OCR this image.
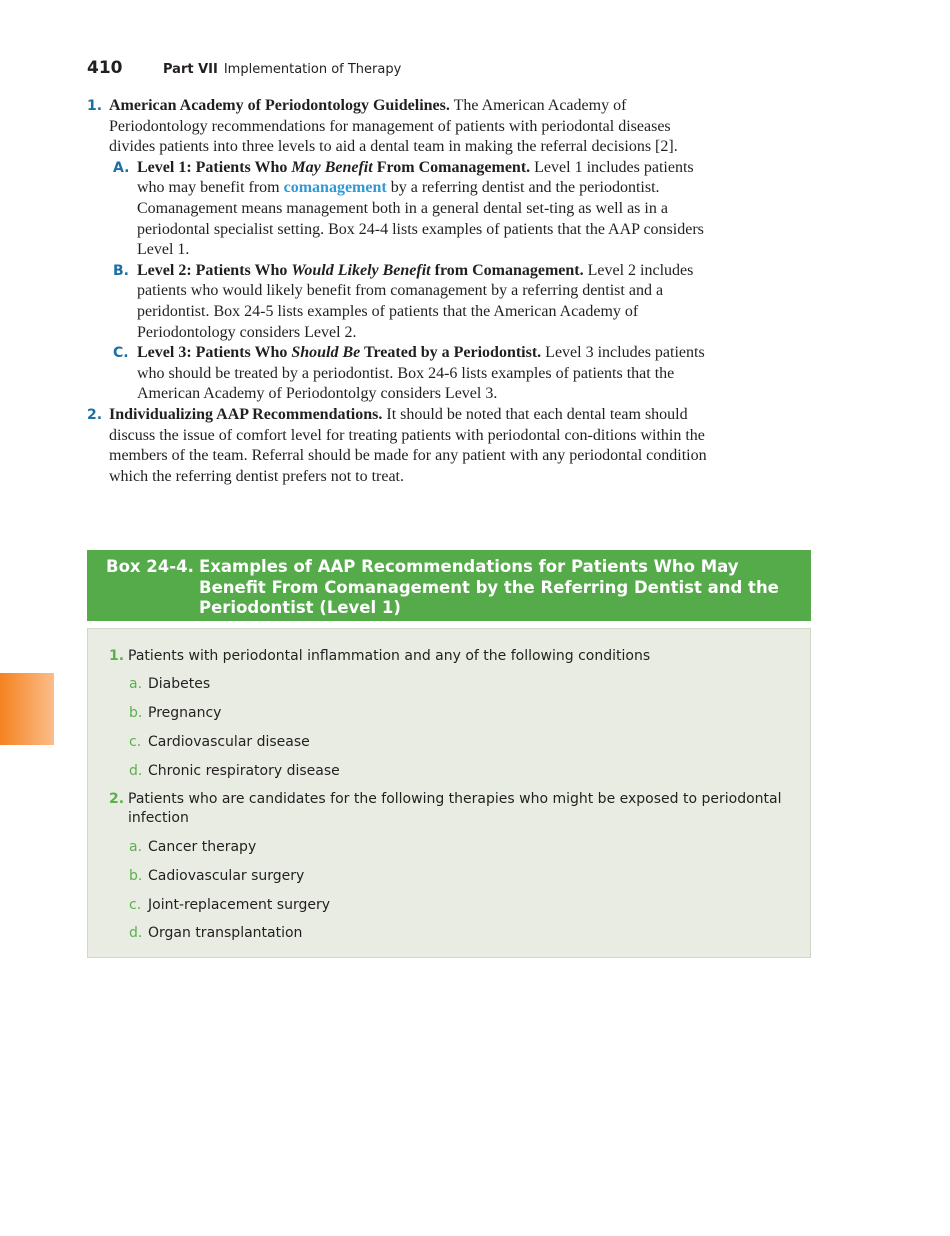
410	Part VII Implementation of Therapy
1. American Academy of Periodontology Guidelines. The American Academy of Periodontology recommendations for management of patients with periodontal diseases divides patients into three levels to aid a dental team in making the referral decisions [2].
A. Level 1: Patients Who May Benefit From Comanagement. Level 1 includes patients who may benefit from comanagement by a referring dentist and the periodontist. Comanagement means management both in a general dental set-ting as well as in a periodontal specialist setting. Box 24-4 lists examples of patients that the AAP considers Level 1.
B. Level 2: Patients Who Would Likely Benefit from Comanagement. Level 2 includes patients who would likely benefit from comanagement by a referring dentist and a peridontist. Box 24-5 lists examples of patients that the American Academy of Periodontology considers Level 2.
C. Level 3: Patients Who Should Be Treated by a Periodontist. Level 3 includes patients who should be treated by a periodontist. Box 24-6 lists examples of patients that the American Academy of Periodontolgy considers Level 3.
2. Individualizing AAP Recommendations. It should be noted that each dental team should discuss the issue of comfort level for treating patients with periodontal con-ditions within the members of the team. Referral should be made for any patient with any periodontal condition which the referring dentist prefers not to treat.
Box 24-4. Examples of AAP Recommendations for Patients Who May Benefit From Comanagement by the Referring Dentist and the Periodontist (Level 1)
1. Patients with periodontal inflammation and any of the following conditions
a. Diabetes
b. Pregnancy
c. Cardiovascular disease
d. Chronic respiratory disease
2. Patients who are candidates for the following therapies who might be exposed to periodontal
infection
a. Cancer therapy
b. Cadiovascular surgery
c. Joint-replacement surgery
d. Organ transplantation
